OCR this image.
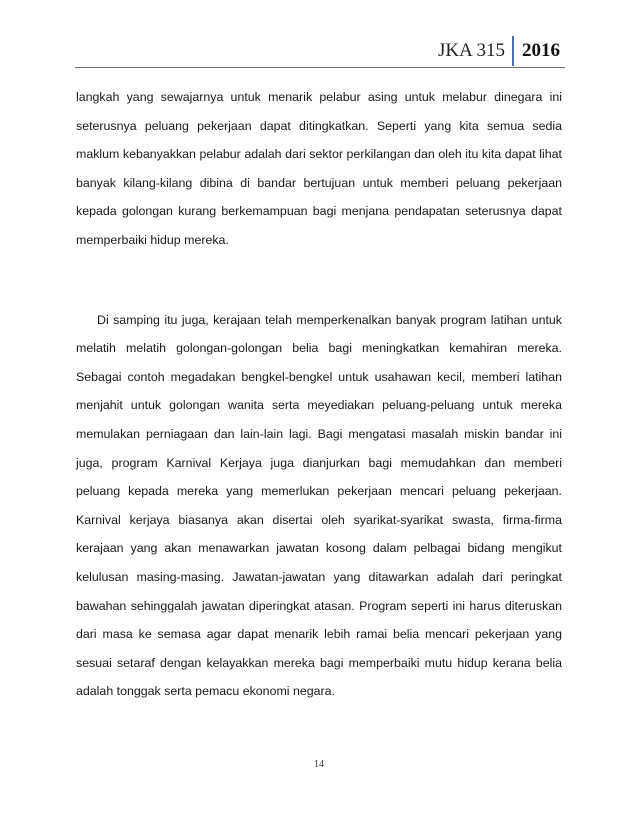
JKA 315 2016

langkah yang sewajarnya untuk menarik pelabur asing untuk melabur dinegara ini seterusnya peluang pekerjaan dapat ditingkatkan. Seperti yang kita semua sedia maklum kebanyakkan pelabur adalah dari sektor perkilangan dan oleh itu kita dapat lihat banyak kilang-kilang dibina di bandar bertujuan untuk memberi peluang pekerjaan kepada golongan kurang berkemampuan bagi menjana pendapatan seterusnya dapat memperbaiki hidup mereka.

Di samping itu juga, kerajaan telah memperkenalkan banyak program latihan untuk melatih melatih golongan-golongan belia bagi meningkatkan kemahiran mereka. Sebagai contoh megadakan bengkel-bengkel untuk usahawan kecil, memberi latihan menjahit untuk golongan wanita serta meyediakan peluang-peluang untuk mereka memulakan perniagaan dan lain-lain lagi. Bagi mengatasi masalah miskin bandar ini juga, program Karnival Kerjaya juga dianjurkan bagi memudahkan dan memberi peluang kepada mereka yang memerlukan pekerjaan mencari peluang pekerjaan. Karnival kerjaya biasanya akan disertai oleh syarikat-syarikat swasta, firma-firma kerajaan yang akan menawarkan jawatan kosong dalam pelbagai bidang mengikut kelulusan masing-masing. Jawatan-jawatan yang ditawarkan adalah dari peringkat bawahan sehinggalah jawatan diperingkat atasan. Program seperti ini harus diteruskan dari masa ke semasa agar dapat menarik lebih ramai belia mencari pekerjaan yang sesuai setaraf dengan kelayakkan mereka bagi memperbaiki mutu hidup kerana belia adalah tonggak serta pemacu ekonomi negara.

14
